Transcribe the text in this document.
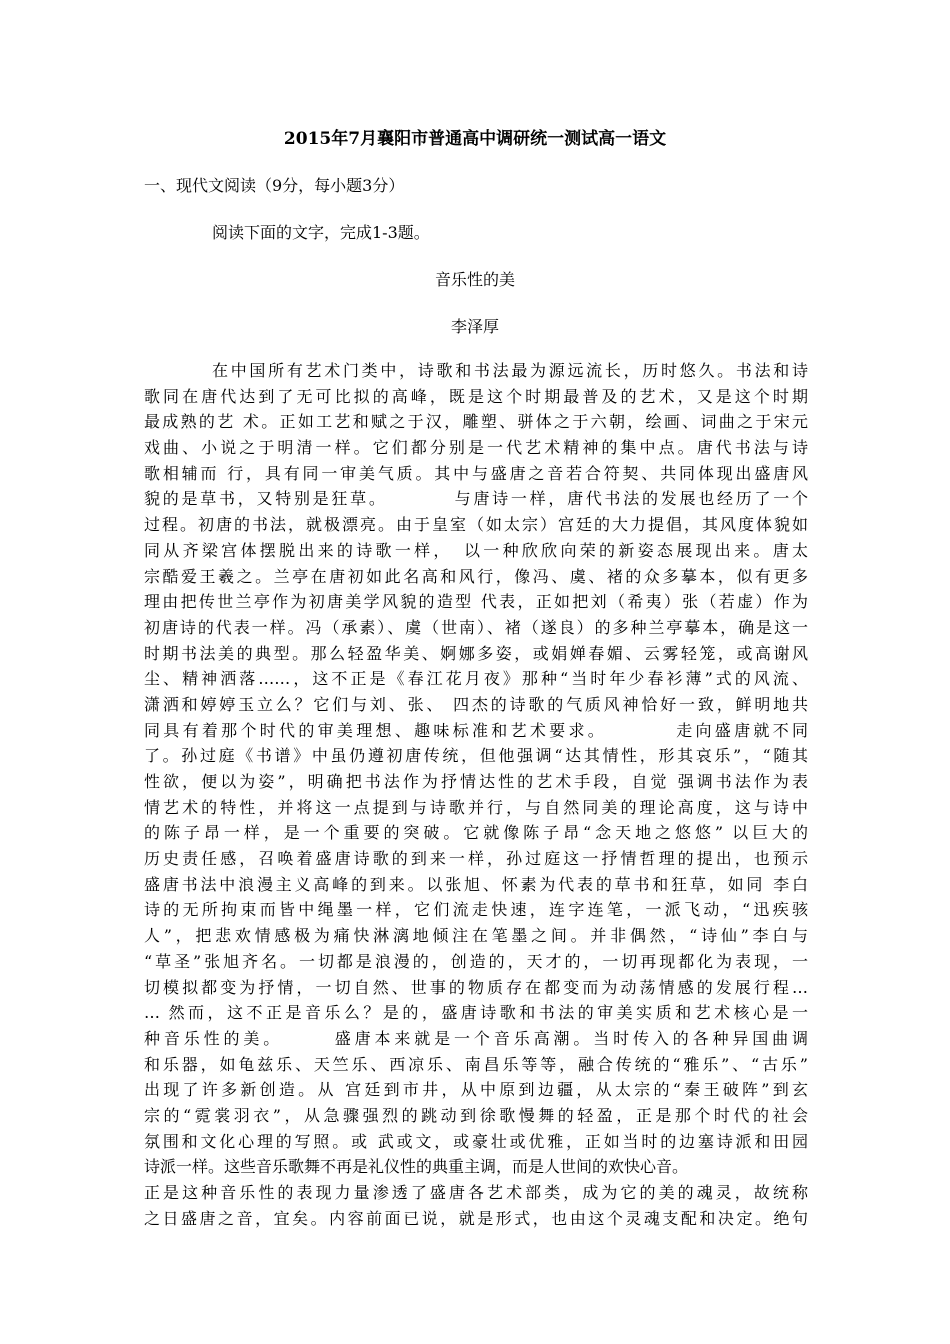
2015年7月襄阳市普通高中调研统一测试高一语文
一、现代文阅读（9分，每小题3分）
阅读下面的文字，完成1-3题。
音乐性的美
李泽厚
在中国所有艺术门类中，诗歌和书法最为源远流长，历时悠久。书法和诗
歌同在唐代达到了无可比拟的高峰，既是这个时期最普及的艺术，又是这个时期
最成熟的艺 术。正如工艺和赋之于汉，雕塑、骈体之于六朝，绘画、词曲之于宋元
戏曲、小说之于明清一样。它们都分别是一代艺术精神的集中点。唐代书法与诗
歌相辅而 行，具有同一审美气质。其中与盛唐之音若合符契、共同体现出盛唐风
貌的是草书，又特别是狂草。　　　　与唐诗一样，唐代书法的发展也经历了一个
过程。初唐的书法，就极漂亮。由于皇室（如太宗）宫廷的大力提倡，其风度体貌如
同从齐梁宫体摆脱出来的诗歌一样，　以一种欣欣向荣的新姿态展现出来。唐太
宗酷爱王羲之。兰亭在唐初如此名高和风行，像冯、虞、褚的众多摹本，似有更多
理由把传世兰亭作为初唐美学风貌的造型 代表，正如把刘（希夷）张（若虚）作为
初唐诗的代表一样。冯（承素）、虞（世南）、褚（遂良）的多种兰亭摹本，确是这一
时期书法美的典型。那么轻盈华美、婀娜多姿，或娟婵春媚、云雾轻笼，或高谢风
尘、精神洒落……，这不正是《春江花月夜》那种“当时年少春衫薄”式的风流、
潇洒和婷婷玉立么？它们与刘、张、 四杰的诗歌的气质风神恰好一致，鲜明地共
同具有着那个时代的审美理想、趣味标准和艺术要求。　　　　走向盛唐就不同
了。孙过庭《书谱》中虽仍遵初唐传统，但他强调“达其情性，形其哀乐”，“随其
性欲，便以为姿”，明确把书法作为抒情达性的艺术手段，自觉 强调书法作为表
情艺术的特性，并将这一点提到与诗歌并行，与自然同美的理论高度，这与诗中
的陈子昂一样，是一个重要的突破。它就像陈子昂“念天地之悠悠” 以巨大的
历史责任感，召唤着盛唐诗歌的到来一样，孙过庭这一抒情哲理的提出，也预示
盛唐书法中浪漫主义高峰的到来。以张旭、怀素为代表的草书和狂草，如同 李白
诗的无所拘束而皆中绳墨一样，它们流走快速，连字连笔，一派飞动，“迅疾骇
人”，把悲欢情感极为痛快淋漓地倾注在笔墨之间。并非偶然，“诗仙”李白与
“草圣”张旭齐名。一切都是浪漫的，创造的，天才的，一切再现都化为表现，一
切模拟都变为抒情，一切自然、世事的物质存在都变而为动荡情感的发展行程…
… 然而，这不正是音乐么？是的，盛唐诗歌和书法的审美实质和艺术核心是一
种音乐性的美。　　　盛唐本来就是一个音乐高潮。当时传入的各种异国曲调
和乐器，如龟兹乐、天竺乐、西凉乐、南昌乐等等，融合传统的“雅乐”、“古乐”
出现了许多新创造。从 宫廷到市井，从中原到边疆，从太宗的“秦王破阵”到玄
宗的“霓裳羽衣”，从急骤强烈的跳动到徐歌慢舞的轻盈，正是那个时代的社会
氛围和文化心理的写照。或 武或文，或豪壮或优雅，正如当时的边塞诗派和田园
诗派一样。这些音乐歌舞不再是礼仪性的典重主调，而是人世间的欢快心音。
正是这种音乐性的表现力量渗透了盛唐各艺术部类，成为它的美的魂灵，故统称
之日盛唐之音，宜矣。内容前面已说，就是形式，也由这个灵魂支配和决定。绝句
